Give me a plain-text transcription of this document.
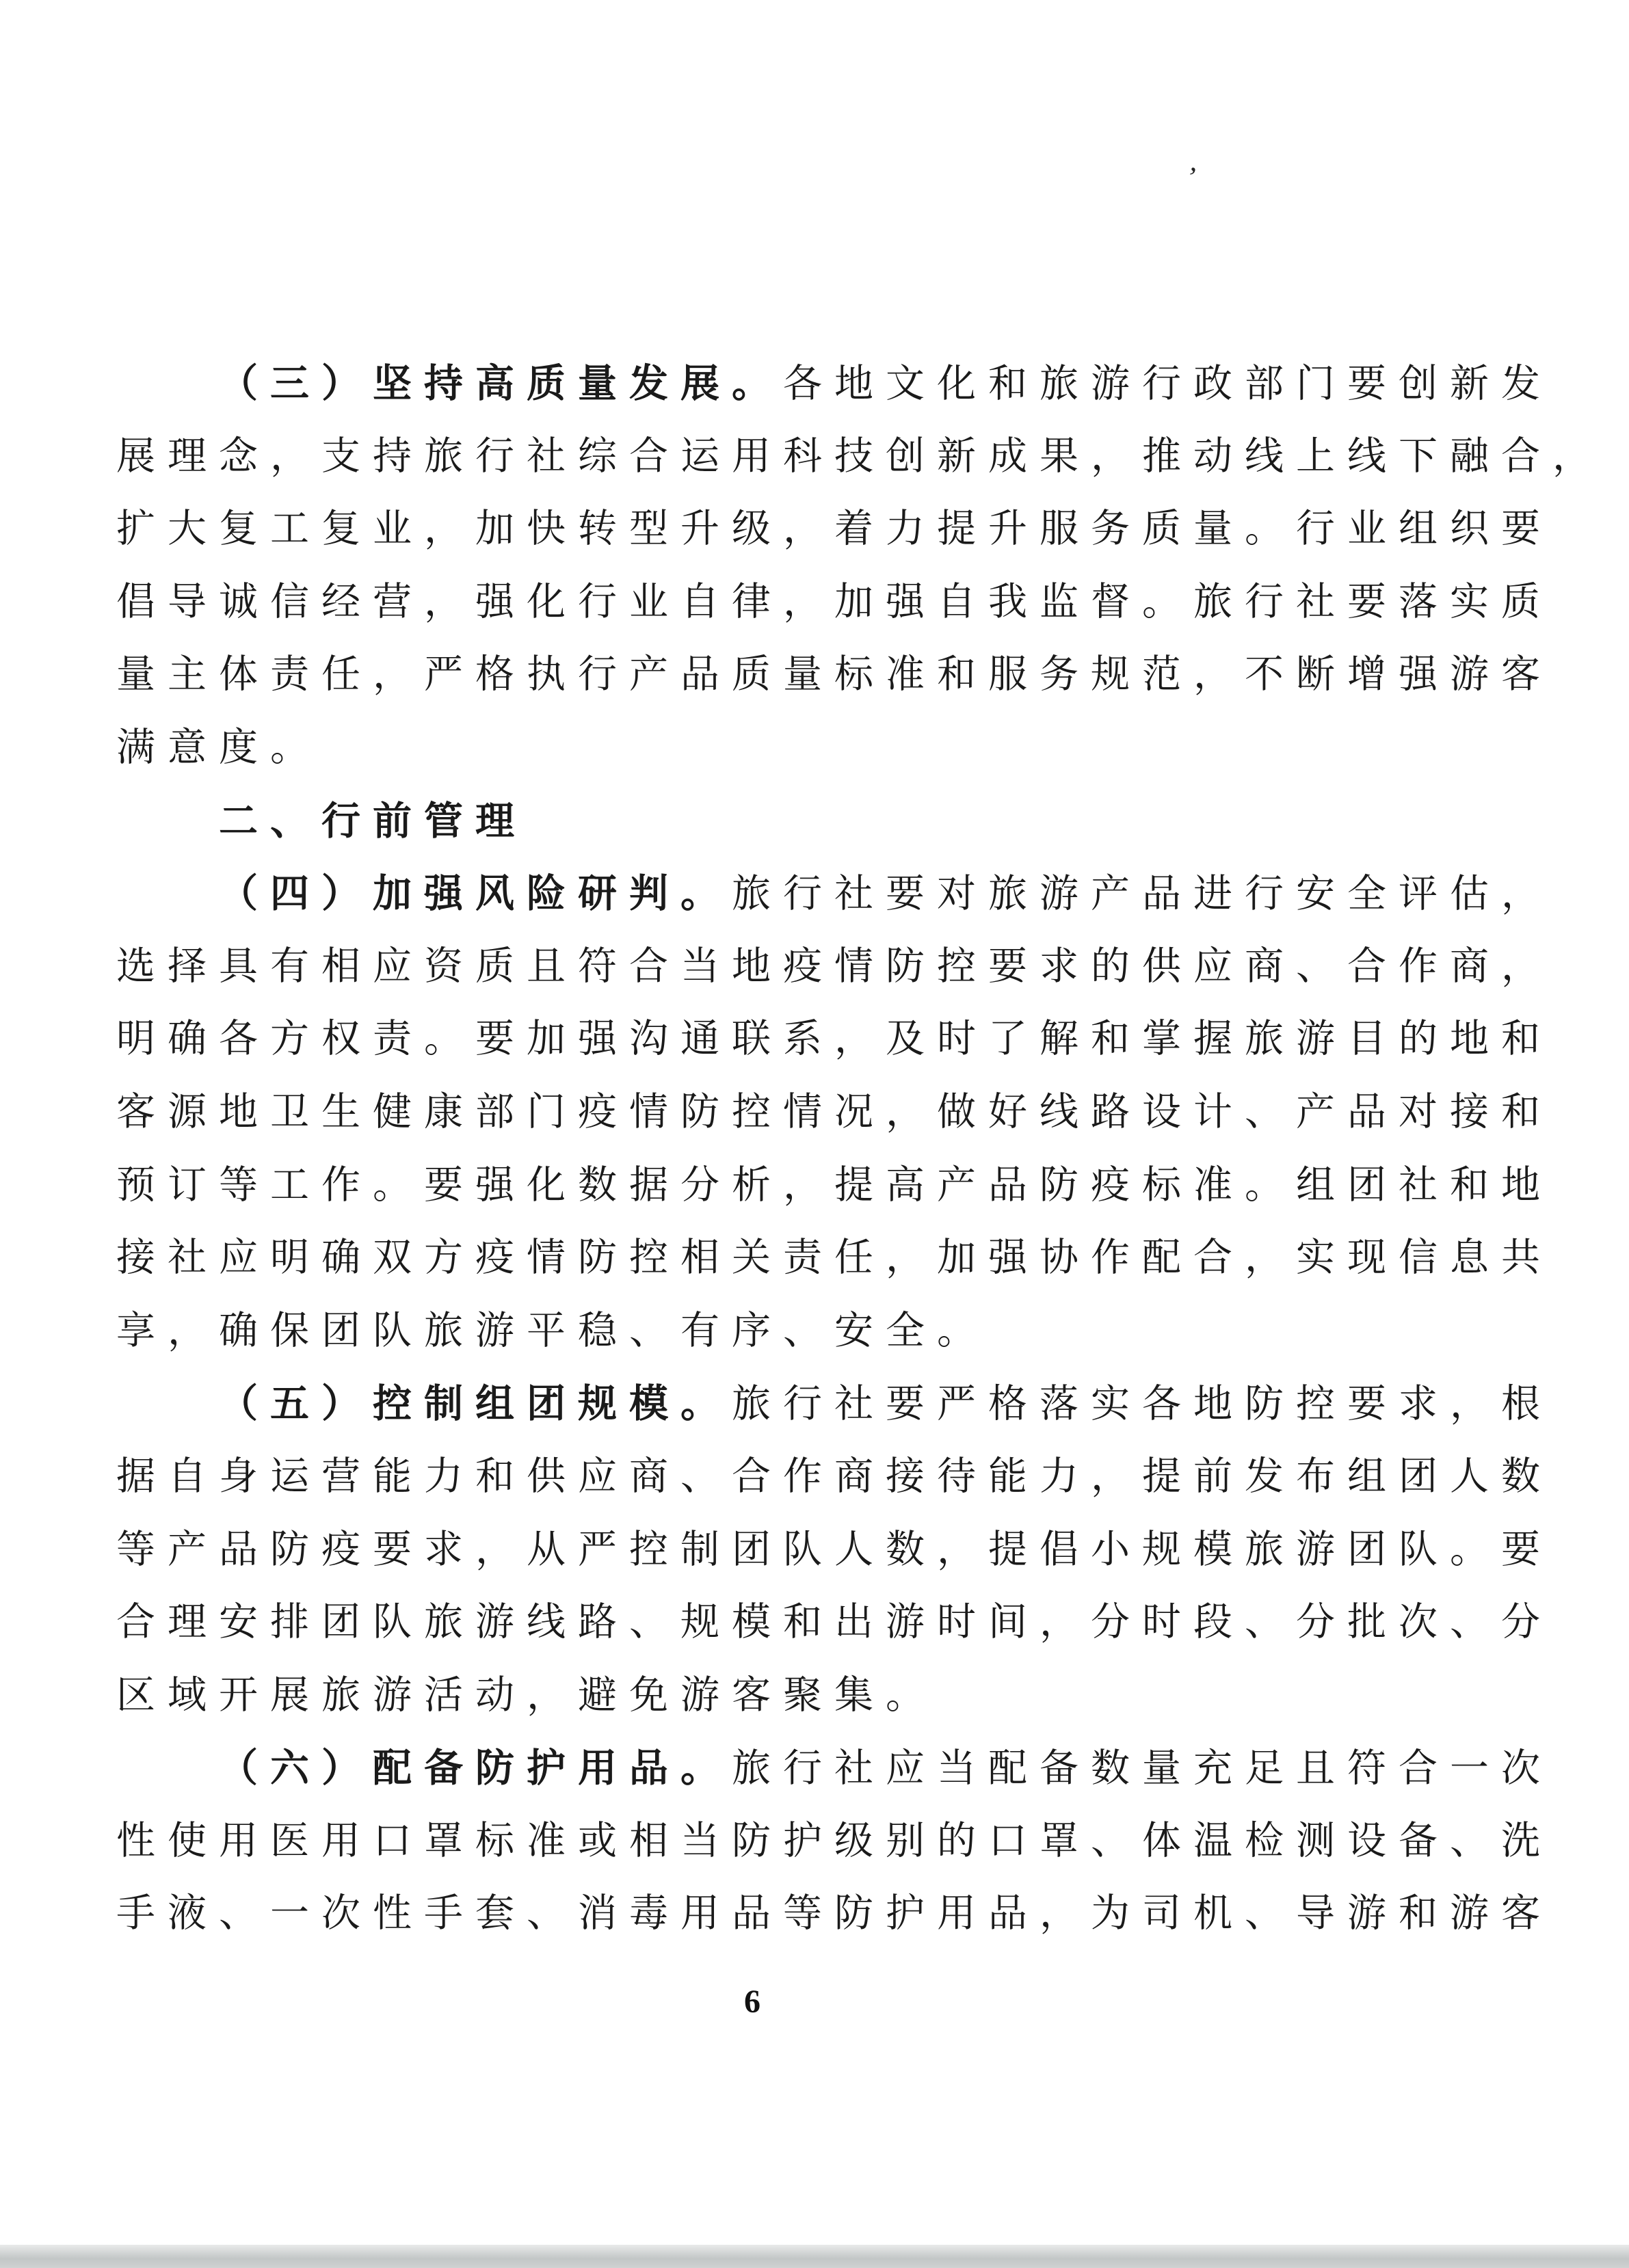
’
（三）坚持高质量发展。各地文化和旅游行政部门要创新发
展理念，支持旅行社综合运用科技创新成果，推动线上线下融合，
扩大复工复业，加快转型升级，着力提升服务质量。行业组织要
倡导诚信经营，强化行业自律，加强自我监督。旅行社要落实质
量主体责任，严格执行产品质量标准和服务规范，不断增强游客
满意度。
二、行前管理
（四）加强风险研判。旅行社要对旅游产品进行安全评估，
选择具有相应资质且符合当地疫情防控要求的供应商、合作商，
明确各方权责。要加强沟通联系，及时了解和掌握旅游目的地和
客源地卫生健康部门疫情防控情况，做好线路设计、产品对接和
预订等工作。要强化数据分析，提高产品防疫标准。组团社和地
接社应明确双方疫情防控相关责任，加强协作配合，实现信息共
享，确保团队旅游平稳、有序、安全。
（五）控制组团规模。旅行社要严格落实各地防控要求，根
据自身运营能力和供应商、合作商接待能力，提前发布组团人数
等产品防疫要求，从严控制团队人数，提倡小规模旅游团队。要
合理安排团队旅游线路、规模和出游时间，分时段、分批次、分
区域开展旅游活动，避免游客聚集。
（六）配备防护用品。旅行社应当配备数量充足且符合一次
性使用医用口罩标准或相当防护级别的口罩、体温检测设备、洗
手液、一次性手套、消毒用品等防护用品，为司机、导游和游客
6
